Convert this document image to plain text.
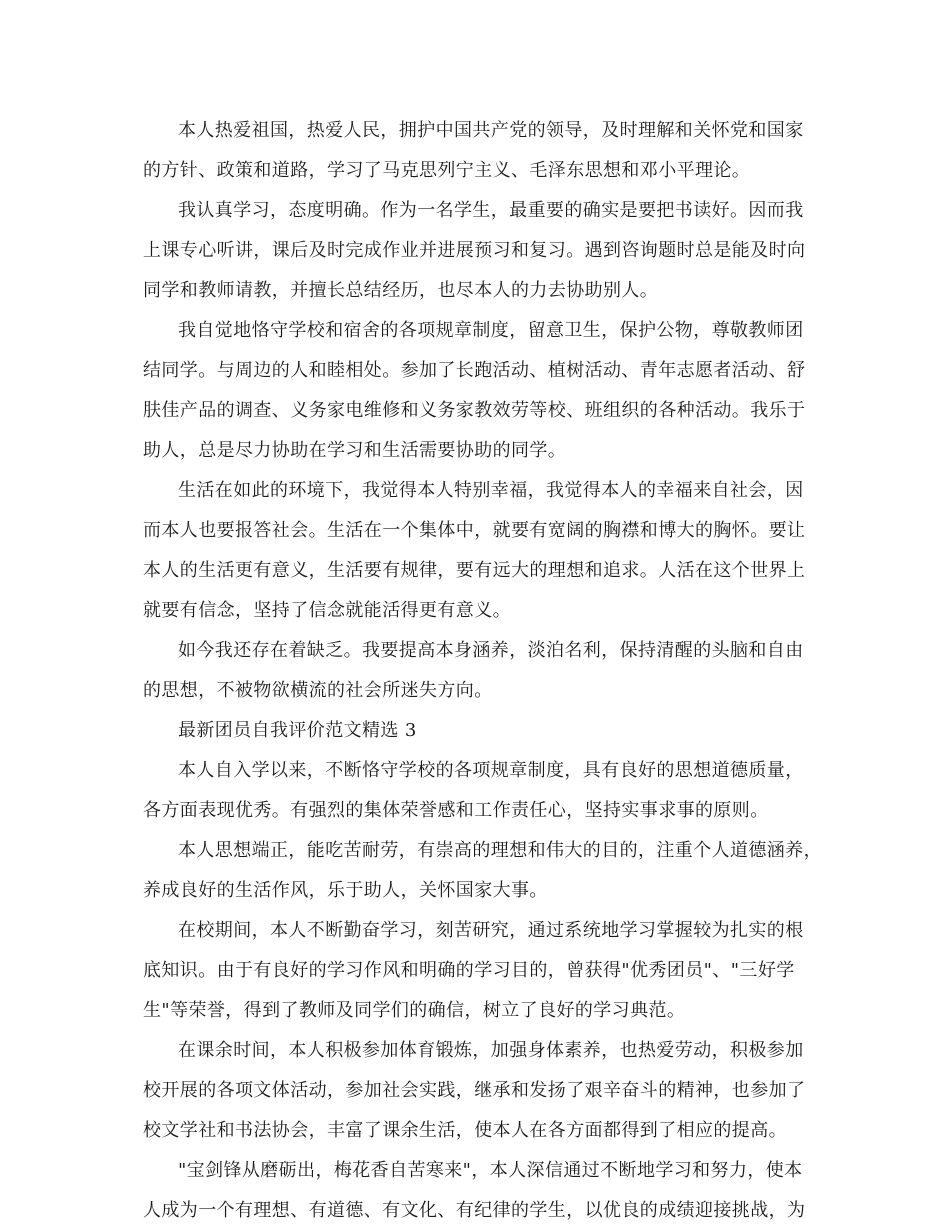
本人热爱祖国，热爱人民，拥护中国共产党的领导，及时理解和关怀党和国家
的方针、政策和道路，学习了马克思列宁主义、毛泽东思想和邓小平理论。
我认真学习，态度明确。作为一名学生，最重要的确实是要把书读好。因而我
上课专心听讲，课后及时完成作业并进展预习和复习。遇到咨询题时总是能及时向
同学和教师请教，并擅长总结经历，也尽本人的力去协助别人。
我自觉地恪守学校和宿舍的各项规章制度，留意卫生，保护公物，尊敬教师团
结同学。与周边的人和睦相处。参加了长跑活动、植树活动、青年志愿者活动、舒
肤佳产品的调查、义务家电维修和义务家教效劳等校、班组织的各种活动。我乐于
助人，总是尽力协助在学习和生活需要协助的同学。
生活在如此的环境下，我觉得本人特别幸福，我觉得本人的幸福来自社会，因
而本人也要报答社会。生活在一个集体中，就要有宽阔的胸襟和博大的胸怀。要让
本人的生活更有意义，生活要有规律，要有远大的理想和追求。人活在这个世界上
就要有信念，坚持了信念就能活得更有意义。
如今我还存在着缺乏。我要提高本身涵养，淡泊名利，保持清醒的头脑和自由
的思想，不被物欲横流的社会所迷失方向。
最新团员自我评价范文精选 3
本人自入学以来，不断恪守学校的各项规章制度，具有良好的思想道德质量，
各方面表现优秀。有强烈的集体荣誉感和工作责任心，坚持实事求事的原则。
本人思想端正，能吃苦耐劳，有崇高的理想和伟大的目的，注重个人道德涵养，
养成良好的生活作风，乐于助人，关怀国家大事。
在校期间，本人不断勤奋学习，刻苦研究，通过系统地学习掌握较为扎实的根
底知识。由于有良好的学习作风和明确的学习目的，曾获得"优秀团员"、"三好学
生"等荣誉，得到了教师及同学们的确信，树立了良好的学习典范。
在课余时间，本人积极参加体育锻炼，加强身体素养，也热爱劳动，积极参加
校开展的各项文体活动，参加社会实践，继承和发扬了艰辛奋斗的精神，也参加了
校文学社和书法协会，丰富了课余生活，使本人在各方面都得到了相应的提高。
"宝剑锋从磨砺出，梅花香自苦寒来"，本人深信通过不断地学习和努力，使本
人成为一个有理想、有道德、有文化、有纪律的学生，以优良的成绩迎接挑战，为
